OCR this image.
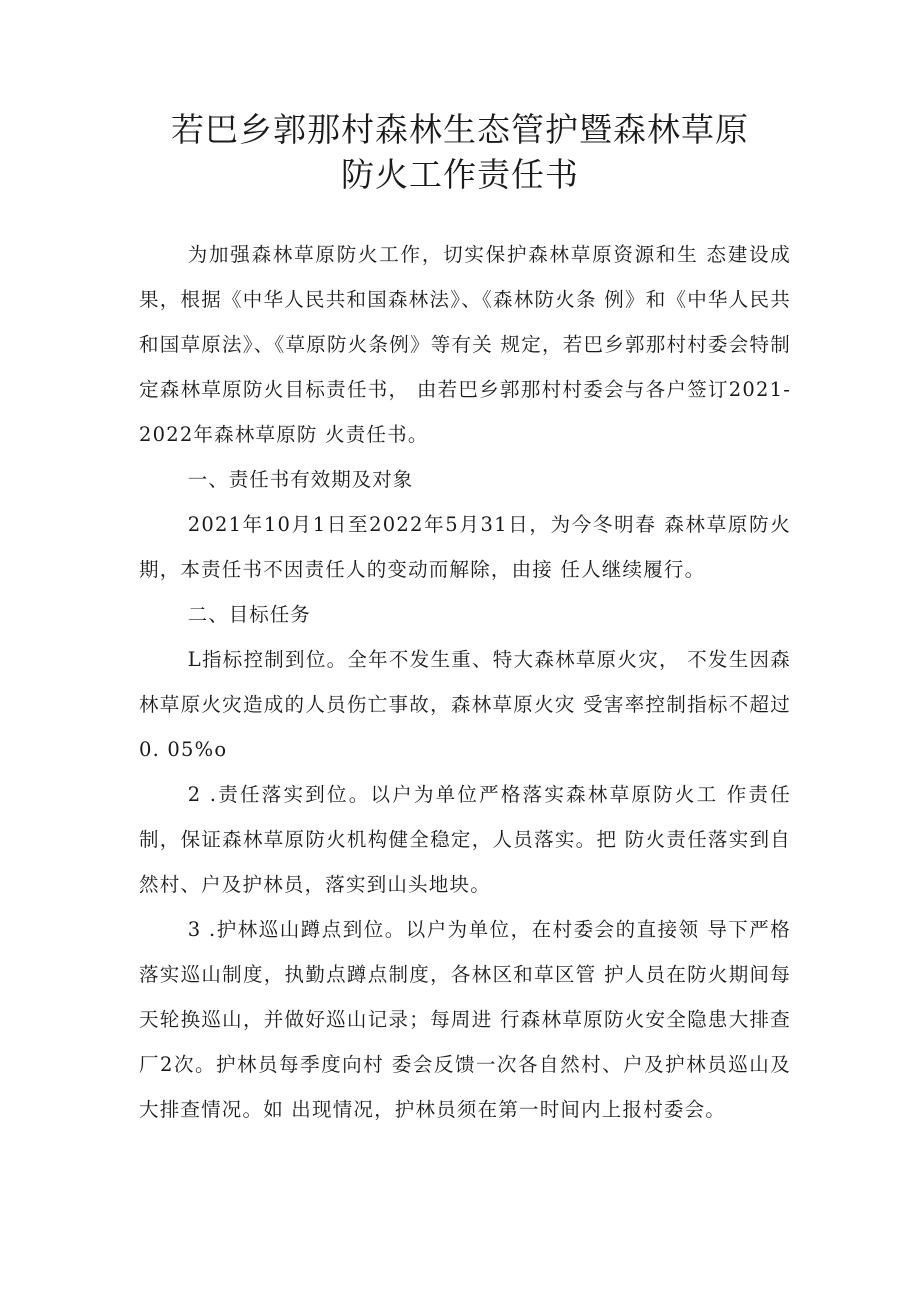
若巴乡郭那村森林生态管护暨森林草原
防火工作责任书

为加强森林草原防火工作，切实保护森林草原资源和生 态建设成果，根据《中华人民共和国森林法》、《森林防火条 例》和《中华人民共和国草原法》、《草原防火条例》等有关 规定，若巴乡郭那村村委会特制定森林草原防火目标责任书， 由若巴乡郭那村村委会与各户签订2021-2022年森林草原防 火责任书。

一、责任书有效期及对象

2021年10月1日至2022年5月31日，为今冬明春 森林草原防火期，本责任书不因责任人的变动而解除，由接 任人继续履行。

二、目标任务

L指标控制到位。全年不发生重、特大森林草原火灾， 不发生因森林草原火灾造成的人员伤亡事故，森林草原火灾 受害率控制指标不超过0. 05%o

2 .责任落实到位。以户为单位严格落实森林草原防火工 作责任制，保证森林草原防火机构健全稳定，人员落实。把 防火责任落实到自然村、户及护林员，落实到山头地块。

3 .护林巡山蹲点到位。以户为单位，在村委会的直接领 导下严格落实巡山制度，执勤点蹲点制度，各林区和草区管 护人员在防火期间每天轮换巡山，并做好巡山记录；每周进 行森林草原防火安全隐患大排查厂2次。护林员每季度向村 委会反馈一次各自然村、户及护林员巡山及大排查情况。如 出现情况，护林员须在第一时间内上报村委会。
